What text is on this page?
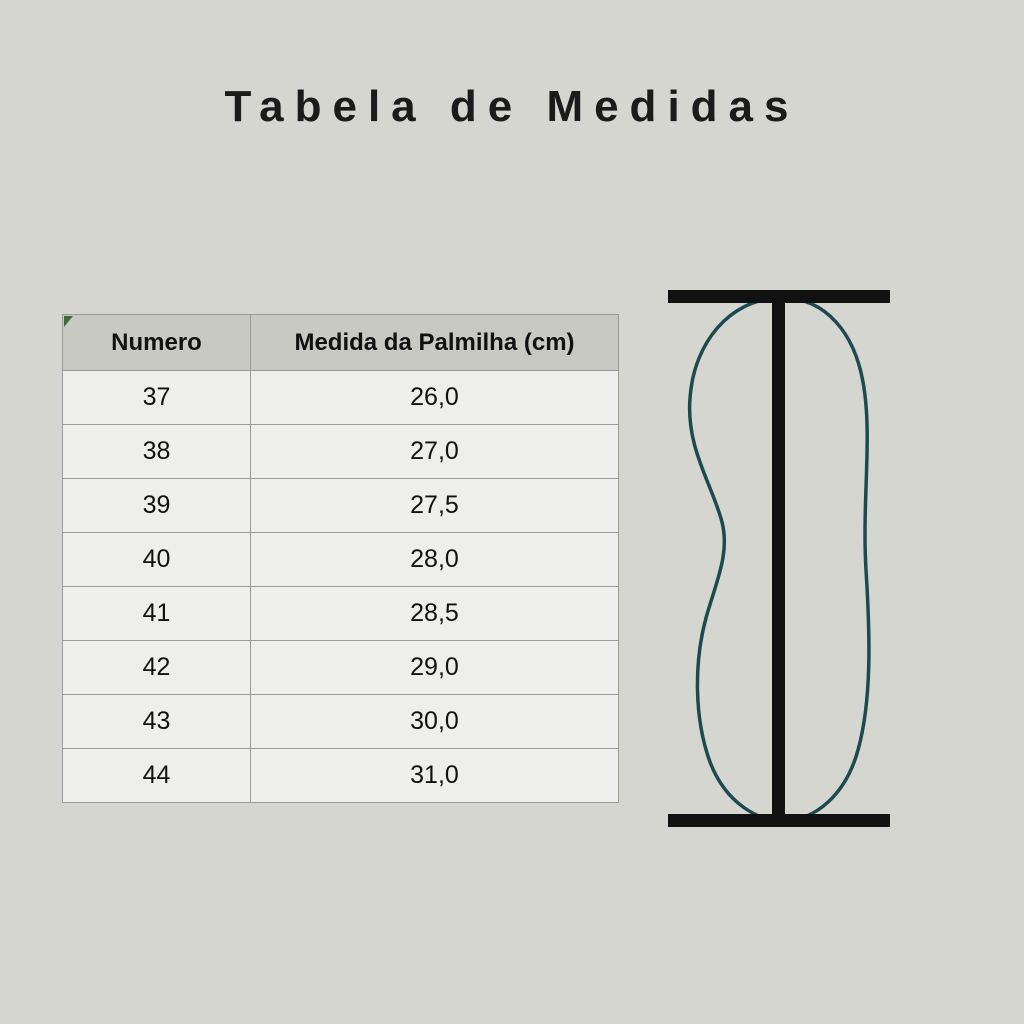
Tabela de Medidas
Numero	Medida da Palmilha (cm)
37	26,0
38	27,0
39	27,5
40	28,0
41	28,5
42	29,0
43	30,0
44	31,0
